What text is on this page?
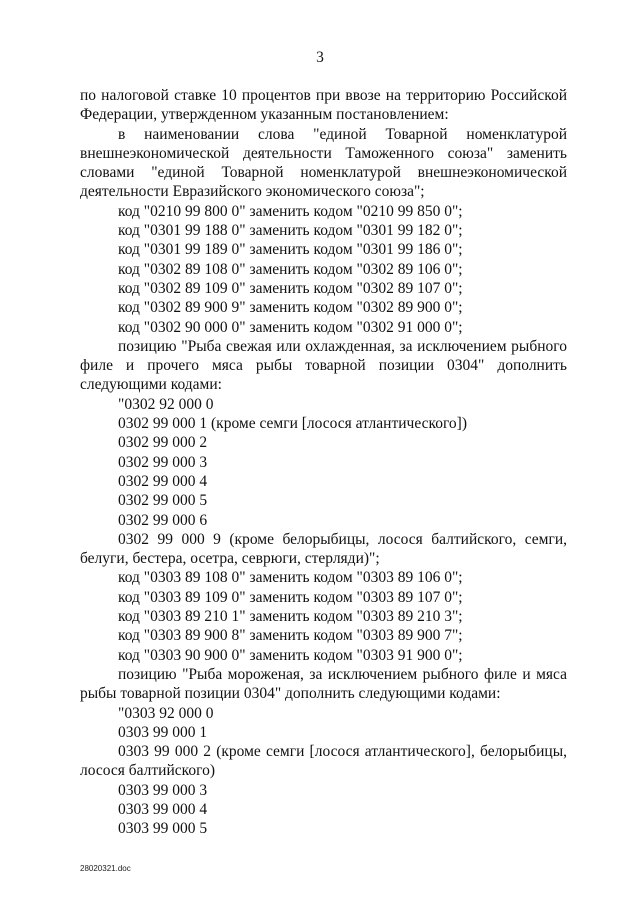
3
по налоговой ставке 10 процентов при ввозе на территорию Российской
Федерации, утвержденном указанным постановлением:
в наименовании слова "единой Товарной номенклатурой
внешнеэкономической деятельности Таможенного союза" заменить
словами "единой Товарной номенклатурой внешнеэкономической
деятельности Евразийского экономического союза";
код "0210 99 800 0" заменить кодом "0210 99 850 0";
код "0301 99 188 0" заменить кодом "0301 99 182 0";
код "0301 99 189 0" заменить кодом "0301 99 186 0";
код "0302 89 108 0" заменить кодом "0302 89 106 0";
код "0302 89 109 0" заменить кодом "0302 89 107 0";
код "0302 89 900 9" заменить кодом "0302 89 900 0";
код "0302 90 000 0" заменить кодом "0302 91 000 0";
позицию "Рыба свежая или охлажденная, за исключением рыбного
филе и прочего мяса рыбы товарной позиции 0304" дополнить
следующими кодами:
"0302 92 000 0
0302 99 000 1 (кроме семги [лосося атлантического])
0302 99 000 2
0302 99 000 3
0302 99 000 4
0302 99 000 5
0302 99 000 6
0302 99 000 9 (кроме белорыбицы, лосося балтийского, семги,
белуги, бестера, осетра, севрюги, стерляди)";
код "0303 89 108 0" заменить кодом "0303 89 106 0";
код "0303 89 109 0" заменить кодом "0303 89 107 0";
код "0303 89 210 1" заменить кодом "0303 89 210 3";
код "0303 89 900 8" заменить кодом "0303 89 900 7";
код "0303 90 900 0" заменить кодом "0303 91 900 0";
позицию "Рыба мороженая, за исключением рыбного филе и мяса
рыбы товарной позиции 0304" дополнить следующими кодами:
"0303 92 000 0
0303 99 000 1
0303 99 000 2 (кроме семги [лосося атлантического], белорыбицы,
лосося балтийского)
0303 99 000 3
0303 99 000 4
0303 99 000 5
28020321.doc
